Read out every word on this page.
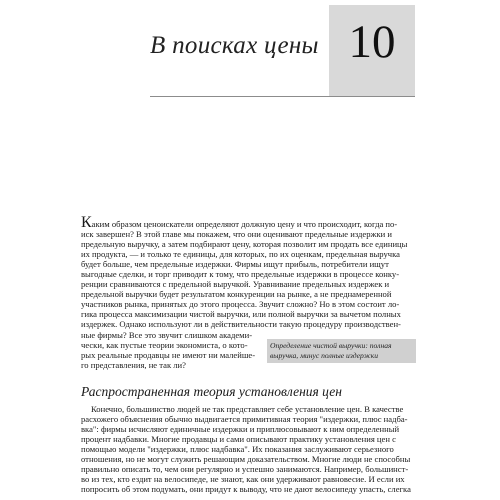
В поисках цены 10
Каким образом ценоискатели определяют должную цену и что происходит, когда по-
иск завершен? В этой главе мы покажем, что они оценивают предельные издержки и
предельную выручку, а затем подбирают цену, которая позволит им продать все единицы
их продукта, — и только те единицы, для которых, по их оценкам, предельная выручка
будет больше, чем предельные издержки. Фирмы ищут прибыль, потребители ищут
выгодные сделки, и торг приводит к тому, что предельные издержки в процессе конку-
ренции сравниваются с предельной выручкой. Уравнивание предельных издержек и
предельной выручки будет результатом конкуренции на рынке, а не преднамеренной
участников рынка, принятых до этого процесса. Звучит сложно? Но в этом состоит ло-
гика процесса максимизации чистой выручки, или полной выручки за вычетом полных
издержек. Однако используют ли в действительности такую процедуру производствен-
ные фирмы? Все это звучит слишком академи-
чески, как пустые теории экономиста, о кото-
рых реальные продавцы не имеют ни малейше-
го представления, не так ли?
Определение чистой выручки: полная выручка, минус полные издержки
Распространенная теория установления цен
Конечно, большинство людей не так представляет себе установление цен. В качестве
расхожего объяснения обычно выдвигается примитивная теория "издержки, плюс надба-
вка": фирмы исчисляют единичные издержки и приплюсовывают к ним определенный
процент надбавки. Многие продавцы и сами описывают практику установления цен с
помощью модели "издержки, плюс надбавка". Их показания заслуживают серьезного
отношения, но не могут служить решающим доказательством. Многие люди не способны
правильно описать то, чем они регулярно и успешно занимаются. Например, большинст-
во из тех, кто ездит на велосипеде, не знают, как они удерживают равновесие. И если их
попросить об этом подумать, они придут к выводу, что не дают велосипеду упасть, слегка
